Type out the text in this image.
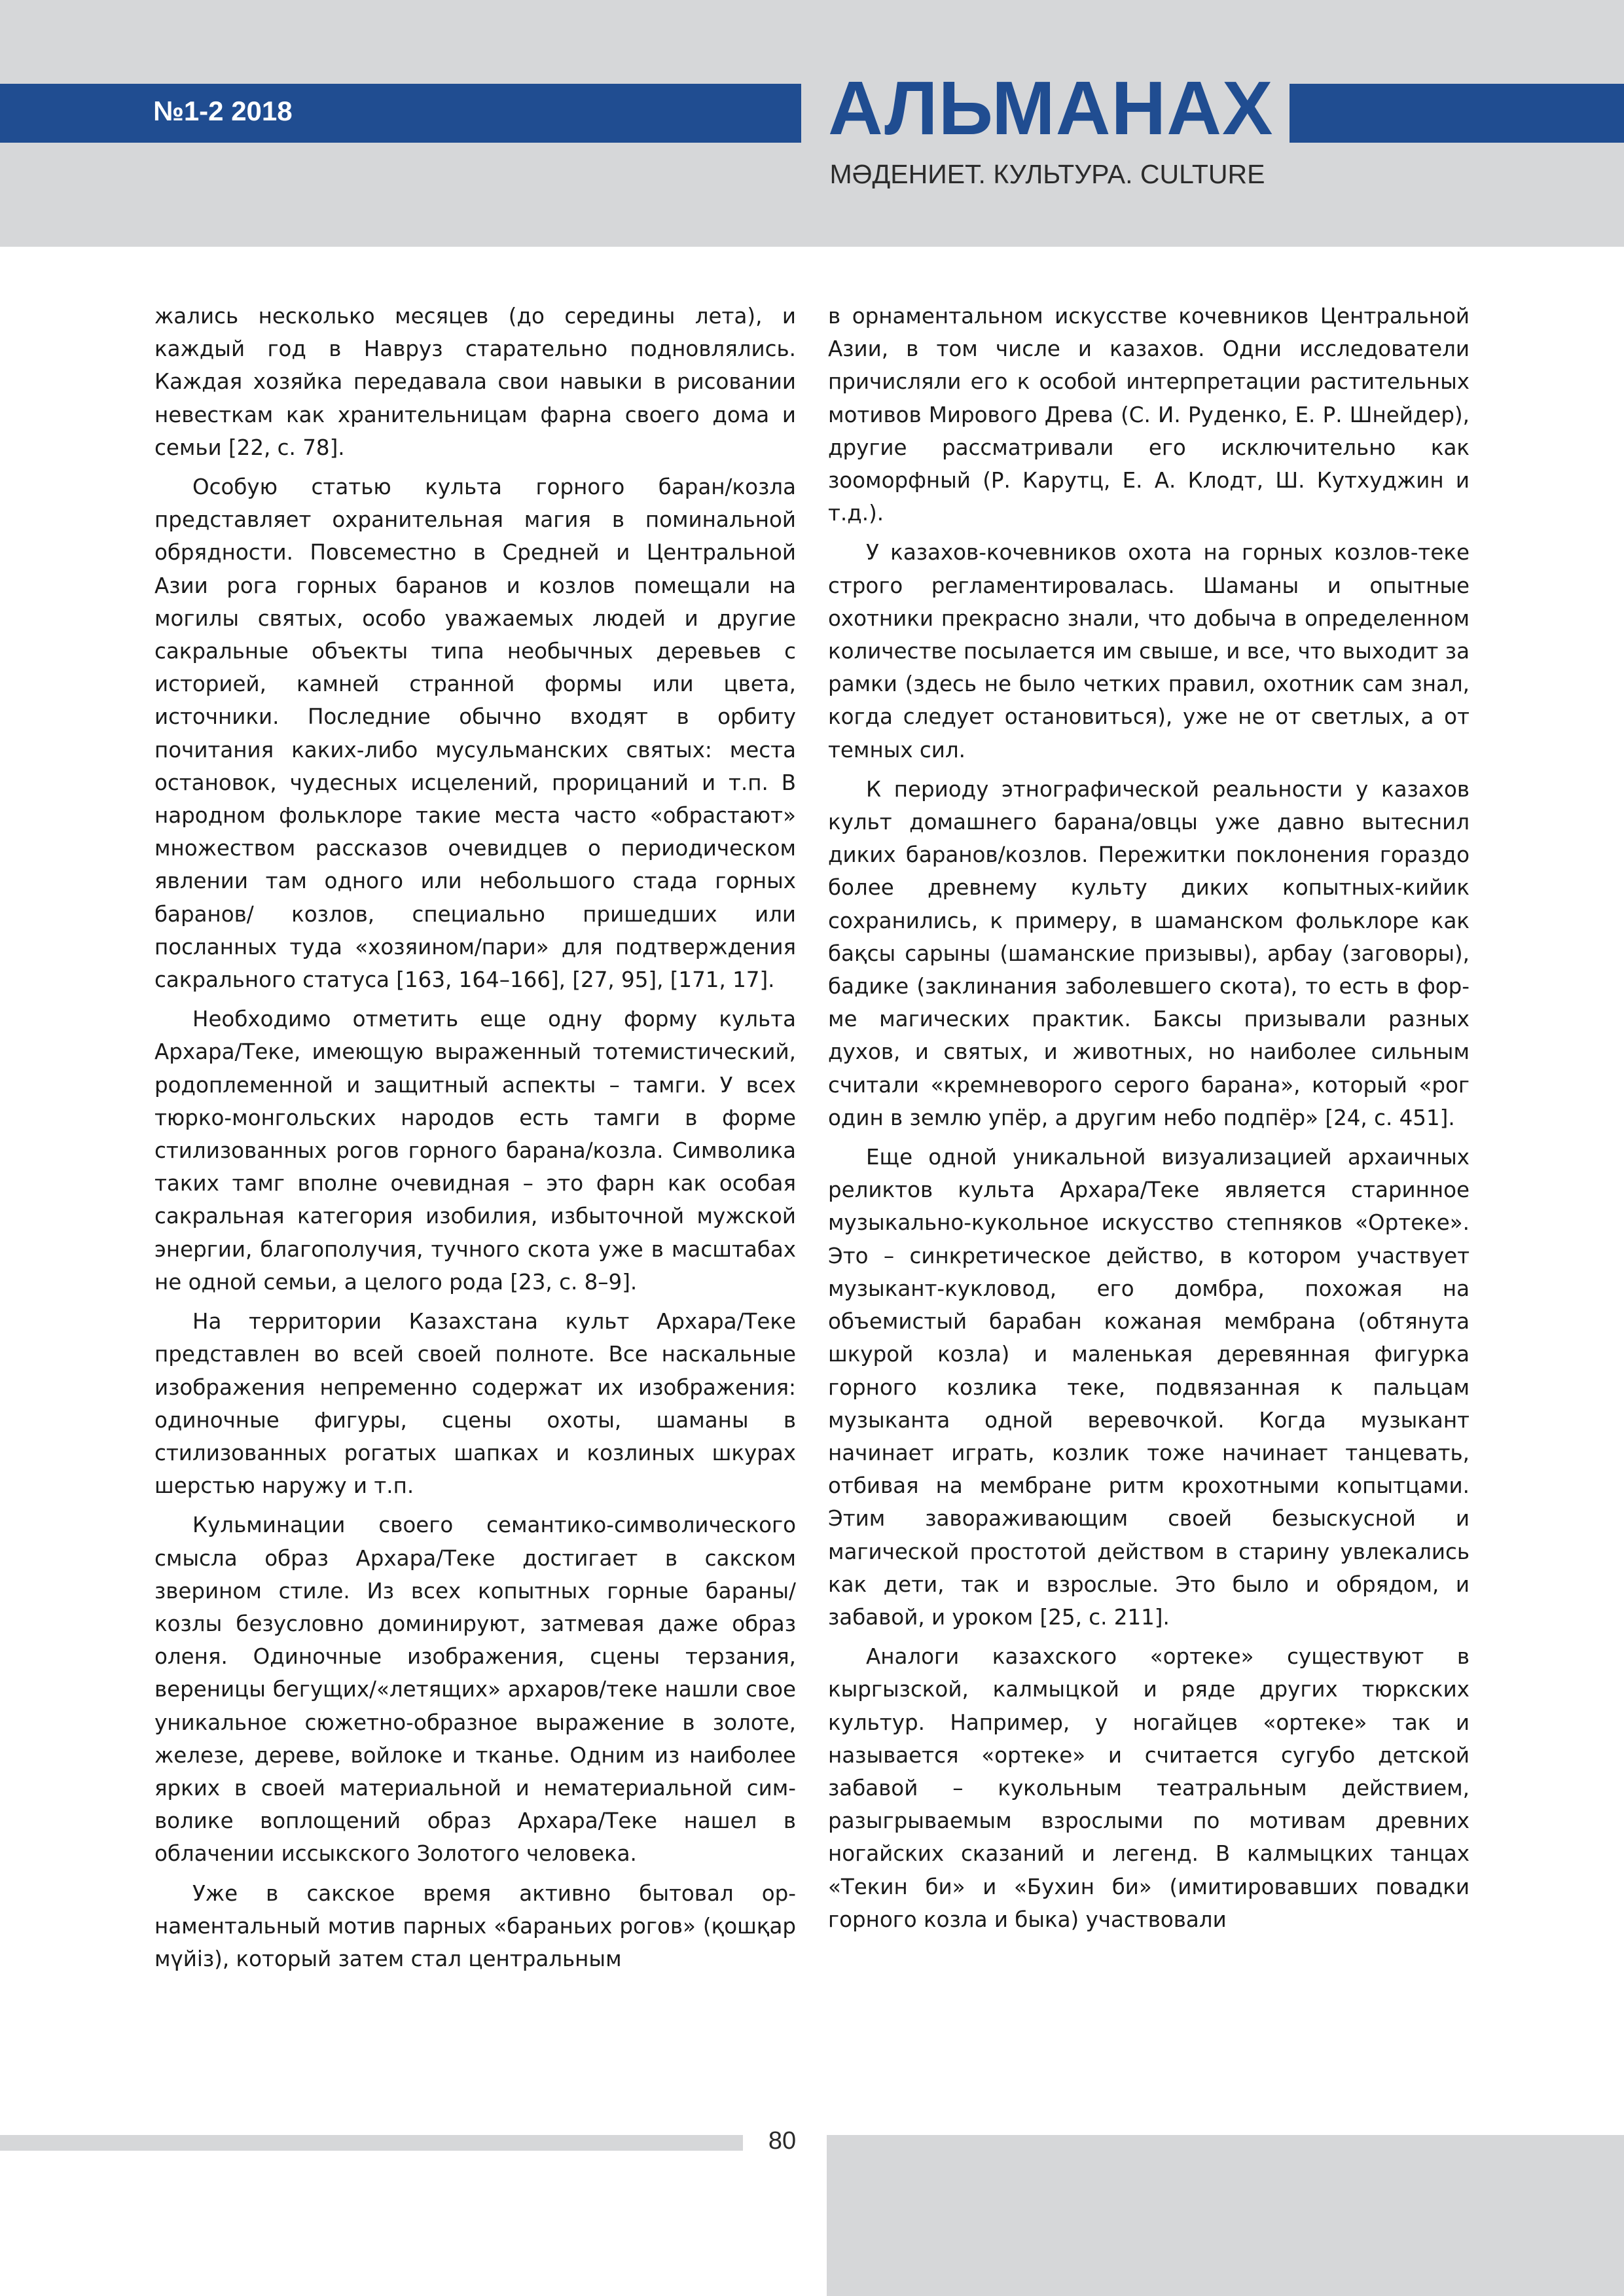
№1-2 2018	АЛЬМАНАХ
МӘДЕНИЕТ. КУЛЬТУРА. CULTURE

жались несколько месяцев (до середины лета), и каждый год в Навруз старательно подновлялись. Каждая хозяйка передавала свои навыки в рисовании невесткам как хранительницам фарна своего дома и семьи [22, с. 78].

Особую статью культа горного баран/козла представляет охранительная магия в поминальной обрядности. Повсеместно в Средней и Центральной Азии рога горных баранов и козлов помещали на могилы святых, особо уважаемых людей и другие сакральные объекты типа необычных деревьев с историей, камней странной формы или цвета, источники. Последние обычно входят в орбиту почитания каких-либо мусульманских святых: места остановок, чудесных исцелений, прорицаний и т.п. В народном фольклоре такие места часто «обрастают» множеством рассказов очевидцев о периодическом явлении там одного или небольшого стада горных баранов/ козлов, специально пришедших или посланных туда «хозяином/пари» для подтверждения сакрального статуса [163, 164–166], [27, 95], [171, 17].

Необходимо отметить еще одну форму культа Архара/Теке, имеющую выраженный тотемистический, родоплеменной и защитный аспекты – тамги. У всех тюрко-монгольских народов есть тамги в форме стилизованных рогов горного барана/козла. Символика таких тамг вполне очевидная – это фарн как особая сакральная категория изобилия, избыточной мужской энергии, благополучия, тучного скота уже в масштабах не одной семьи, а целого рода [23, с. 8–9].

На территории Казахстана культ Архара/Теке представлен во всей своей полноте. Все наскальные изображения непременно содержат их изображения: одиночные фигуры, сцены охоты, шаманы в стилизованных рогатых шапках и козлиных шкурах шерстью наружу и т.п.

Кульминации своего семантико-символического смысла образ Архара/Теке достигает в сакском зверином стиле. Из всех копытных горные бараны/козлы безусловно доминируют, затмевая даже образ оленя. Одиночные изображения, сцены терзания, вереницы бегущих/«летящих» архаров/теке нашли свое уникальное сюжетно-образное выражение в золоте, железе, дереве, войлоке и тканье. Одним из наиболее ярких в своей материальной и нематериальной символике воплощений образ Архара/Теке нашел в облачении иссыкского Золотого человека.

Уже в сакское время активно бытовал орнаментальный мотив парных «бараньих рогов» (қошқар мүйіз), который затем стал центральным

в орнаментальном искусстве кочевников Центральной Азии, в том числе и казахов. Одни исследователи причисляли его к особой интерпретации растительных мотивов Мирового Древа (С. И. Руденко, Е. Р. Шнейдер), другие рассматривали его исключительно как зооморфный (Р. Карутц, Е. А. Клодт, Ш. Кутхуджин и т.д.).

У казахов-кочевников охота на горных козлов-теке строго регламентировалась. Шаманы и опытные охотники прекрасно знали, что добыча в определенном количестве посылается им свыше, и все, что выходит за рамки (здесь не было четких правил, охотник сам знал, когда следует остановиться), уже не от светлых, а от темных сил.

К периоду этнографической реальности у казахов культ домашнего барана/овцы уже давно вытеснил диких баранов/козлов. Пережитки поклонения гораздо более древнему культу диких копытных-кийик сохранились, к примеру, в шаманском фольклоре как бақсы сарыны (шаманские призывы), арбау (заговоры), бадике (заклинания заболевшего скота), то есть в форме магических практик. Баксы призывали разных духов, и святых, и животных, но наиболее сильным считали «кремневорого серого барана», который «рог один в землю упёр, а другим небо подпёр» [24, с. 451].

Еще одной уникальной визуализацией архаичных реликтов культа Архара/Теке является старинное музыкально-кукольное искусство степняков «Ортеке». Это – синкретическое действо, в котором участвует музыкант-кукловод, его домбра, похожая на объемистый барабан кожаная мембрана (обтянута шкурой козла) и маленькая деревянная фигурка горного козлика теке, подвязанная к пальцам музыканта одной веревочкой. Когда музыкант начинает играть, козлик тоже начинает танцевать, отбивая на мембране ритм крохотными копытцами. Этим завораживающим своей безыскусной и магической простотой действом в старину увлекались как дети, так и взрослые. Это было и обрядом, и забавой, и уроком [25, с. 211].

Аналоги казахского «ортеке» существуют в кыргызской, калмыцкой и ряде других тюркских культур. Например, у ногайцев «ортеке» так и называется «ортеке» и считается сугубо детской забавой – кукольным театральным действием, разыгрываемым взрослыми по мотивам древних ногайских сказаний и легенд. В калмыцких танцах «Текин би» и «Бухин би» (имитировавших повадки горного козла и быка) участвовали

80
